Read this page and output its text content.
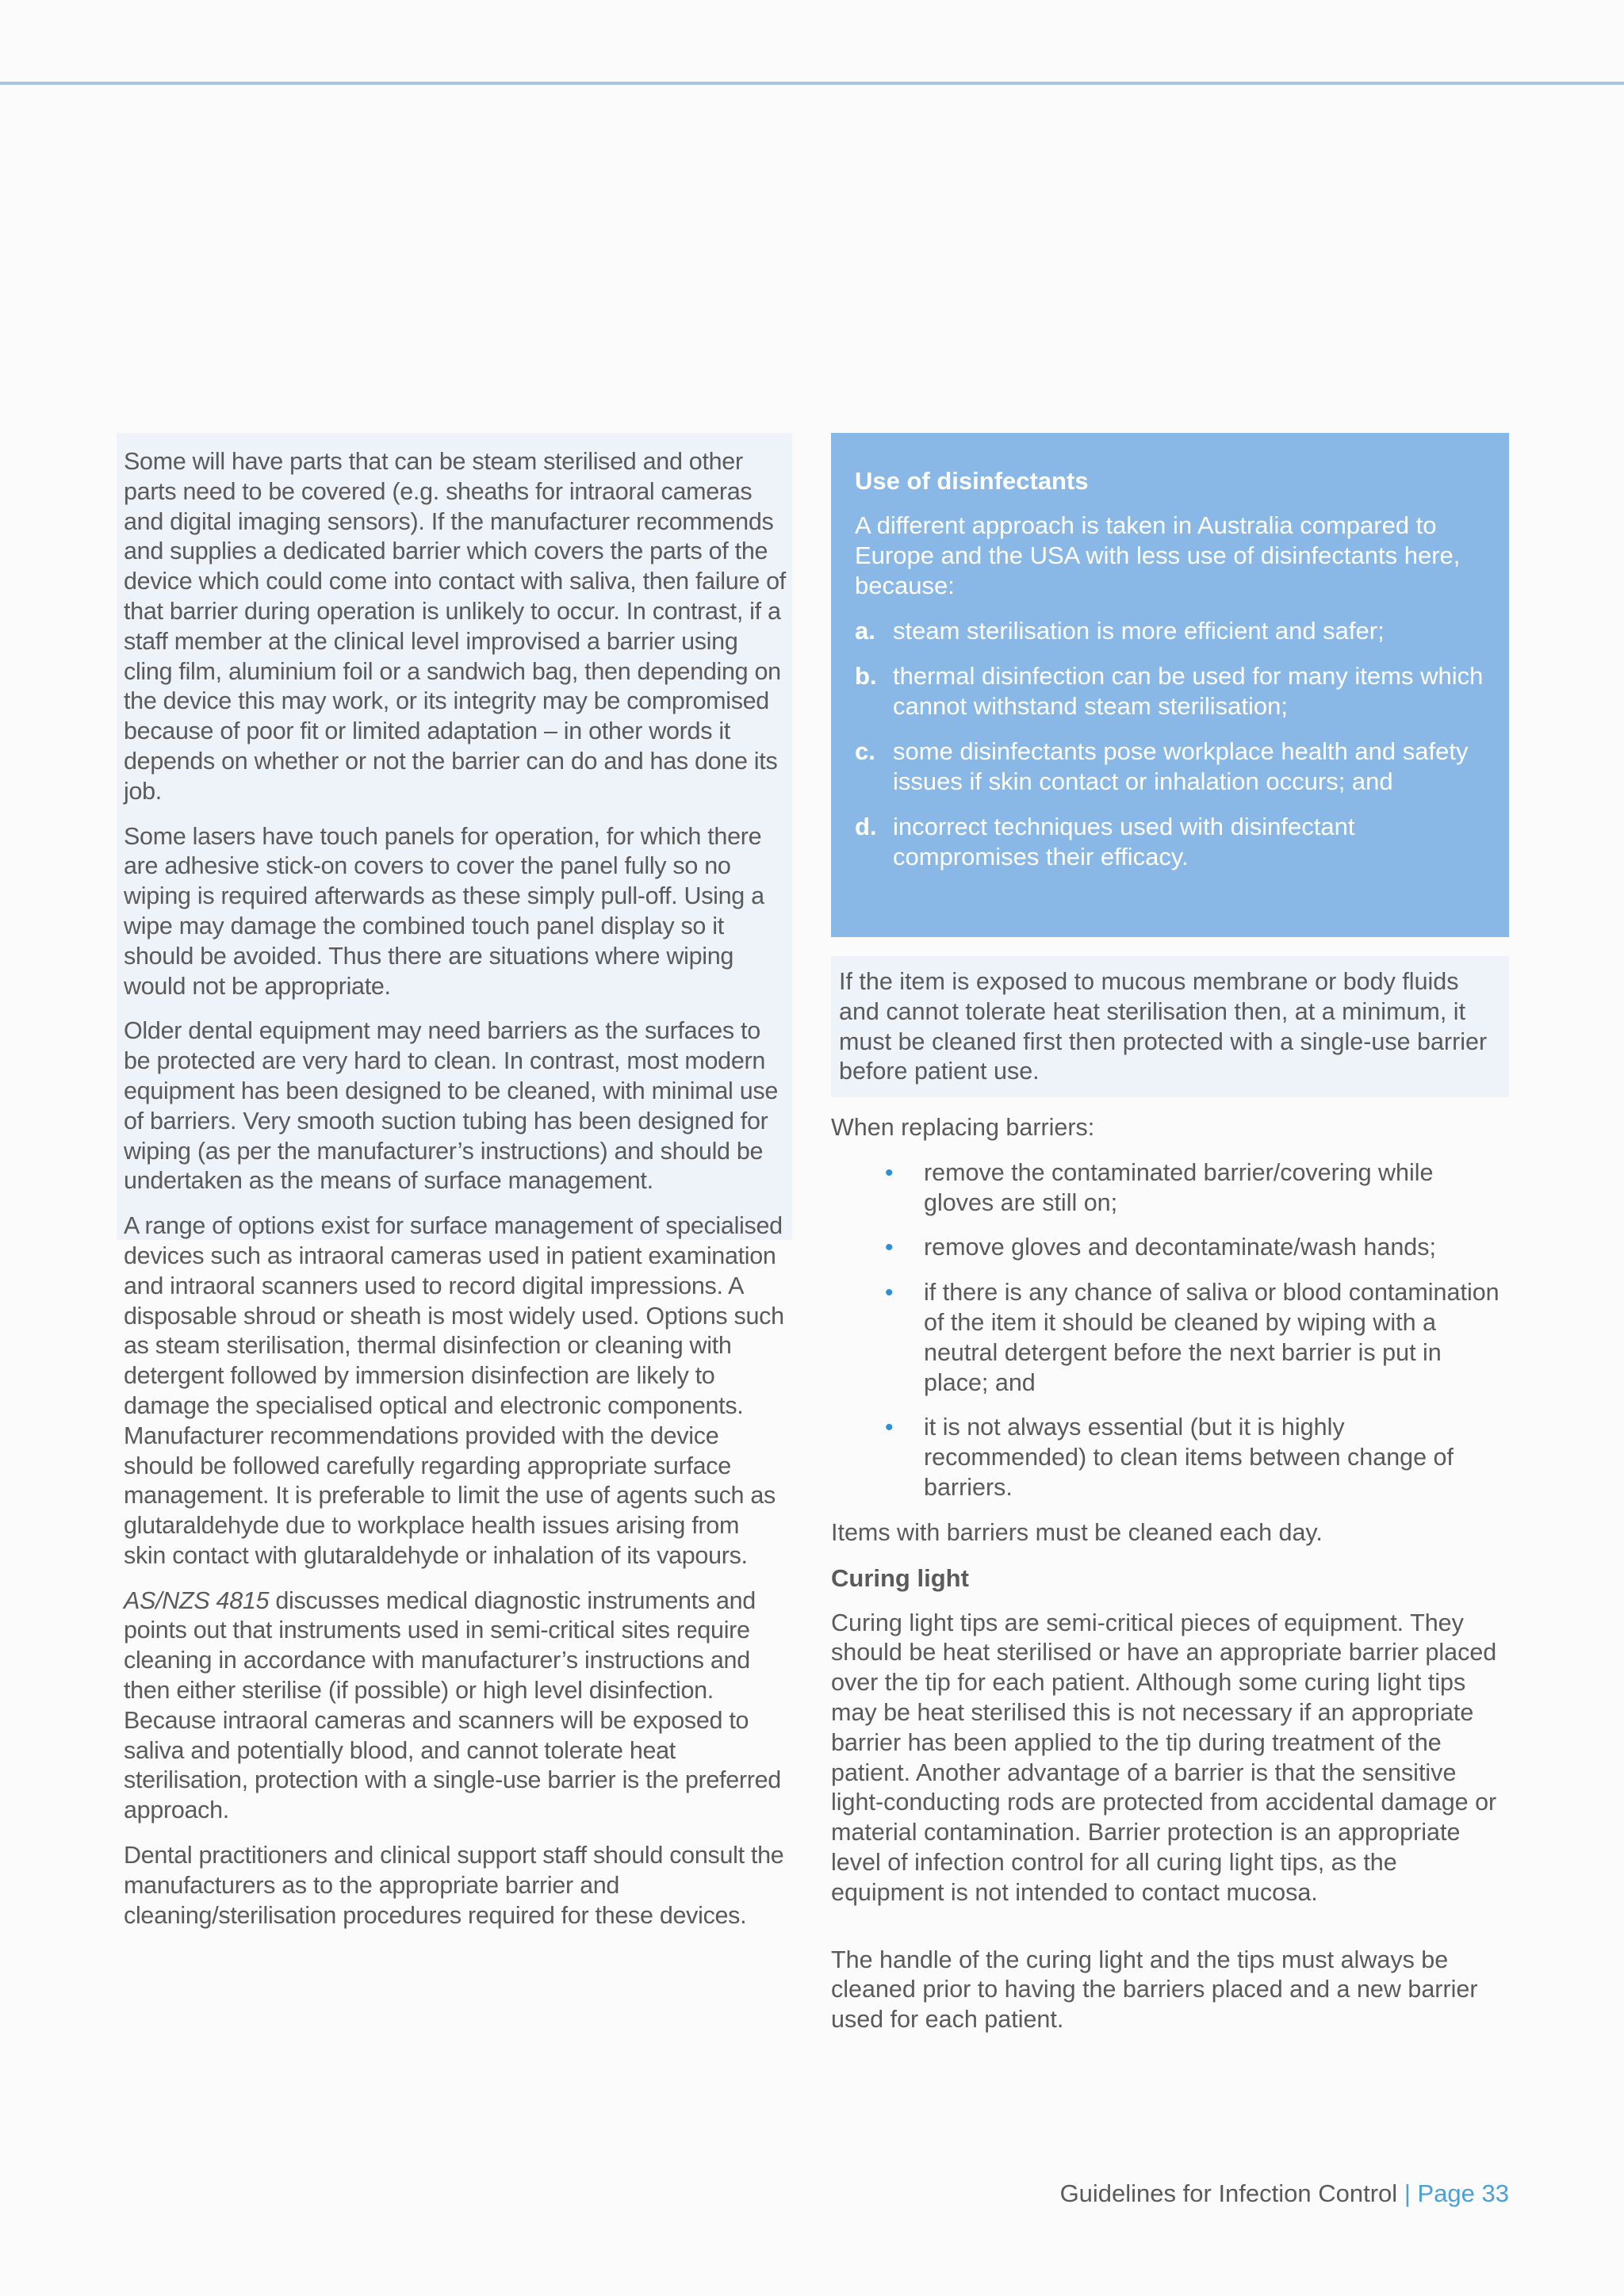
Some will have parts that can be steam sterilised and other parts need to be covered (e.g. sheaths for intraoral cameras and digital imaging sensors). If the manufacturer recommends and supplies a dedicated barrier which covers the parts of the device which could come into contact with saliva, then failure of that barrier during operation is unlikely to occur. In contrast, if a staff member at the clinical level improvised a barrier using cling film, aluminium foil or a sandwich bag, then depending on the device this may work, or its integrity may be compromised because of poor fit or limited adaptation – in other words it depends on whether or not the barrier can do and has done its job.

Some lasers have touch panels for operation, for which there are adhesive stick-on covers to cover the panel fully so no wiping is required afterwards as these simply pull-off. Using a wipe may damage the combined touch panel display so it should be avoided. Thus there are situations where wiping would not be appropriate.

Older dental equipment may need barriers as the surfaces to be protected are very hard to clean. In contrast, most modern equipment has been designed to be cleaned, with minimal use of barriers. Very smooth suction tubing has been designed for wiping (as per the manufacturer’s instructions) and should be undertaken as the means of surface management.

A range of options exist for surface management of specialised devices such as intraoral cameras used in patient examination and intraoral scanners used to record digital impressions. A disposable shroud or sheath is most widely used. Options such as steam sterilisation, thermal disinfection or cleaning with detergent followed by immersion disinfection are likely to damage the specialised optical and electronic components. Manufacturer recommendations provided with the device should be followed carefully regarding appropriate surface management. It is preferable to limit the use of agents such as glutaraldehyde due to workplace health issues arising from skin contact with glutaraldehyde or inhalation of its vapours.

AS/NZS 4815 discusses medical diagnostic instruments and points out that instruments used in semi-critical sites require cleaning in accordance with manufacturer’s instructions and then either sterilise (if possible) or high level disinfection. Because intraoral cameras and scanners will be exposed to saliva and potentially blood, and cannot tolerate heat sterilisation, protection with a single-use barrier is the preferred approach.

Dental practitioners and clinical support staff should consult the manufacturers as to the appropriate barrier and cleaning/sterilisation procedures required for these devices.

Use of disinfectants

A different approach is taken in Australia compared to Europe and the USA with less use of disinfectants here, because:

a. steam sterilisation is more efficient and safer;
b. thermal disinfection can be used for many items which cannot withstand steam sterilisation;
c. some disinfectants pose workplace health and safety issues if skin contact or inhalation occurs; and
d. incorrect techniques used with disinfectant compromises their efficacy.
If the item is exposed to mucous membrane or body fluids and cannot tolerate heat sterilisation then, at a minimum, it must be cleaned first then protected with a single-use barrier before patient use.

When replacing barriers:

• remove the contaminated barrier/covering while gloves are still on;
• remove gloves and decontaminate/wash hands;
• if there is any chance of saliva or blood contamination of the item it should be cleaned by wiping with a neutral detergent before the next barrier is put in place; and
• it is not always essential (but it is highly recommended) to clean items between change of barriers.

Items with barriers must be cleaned each day.

Curing light

Curing light tips are semi-critical pieces of equipment. They should be heat sterilised or have an appropriate barrier placed over the tip for each patient. Although some curing light tips may be heat sterilised this is not necessary if an appropriate barrier has been applied to the tip during treatment of the patient. Another advantage of a barrier is that the sensitive light-conducting rods are protected from accidental damage or material contamination. Barrier protection is an appropriate level of infection control for all curing light tips, as the equipment is not intended to contact mucosa.

The handle of the curing light and the tips must always be cleaned prior to having the barriers placed and a new barrier used for each patient.

Guidelines for Infection Control | Page 33
